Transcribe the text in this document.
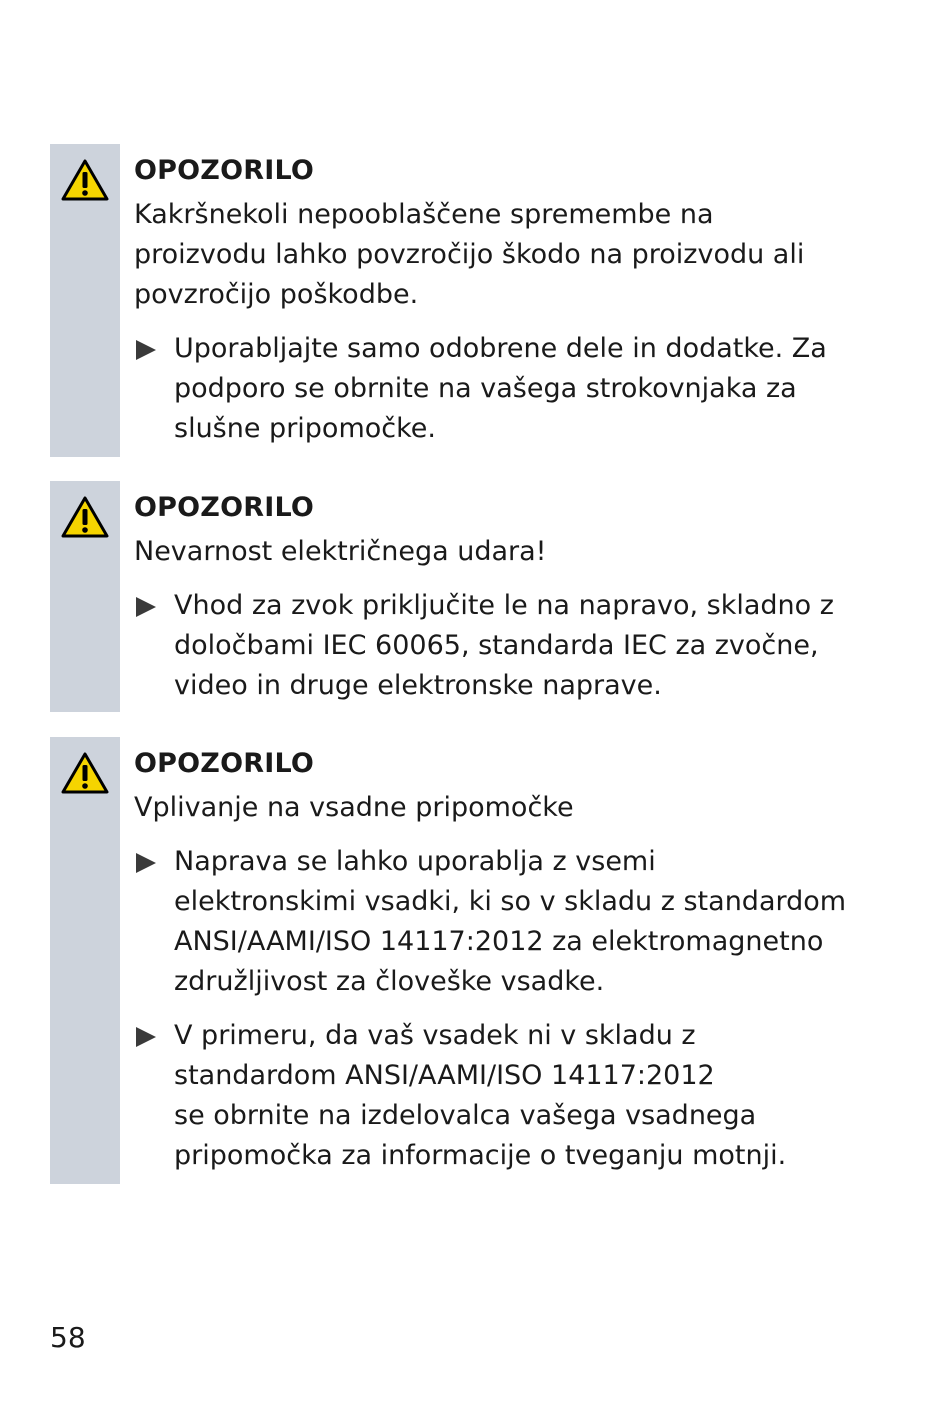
OPOZORILO

Kakršnekoli nepooblaščene spremembe na
proizvodu lahko povzročijo škodo na proizvodu ali
povzročijo poškodbe.

Uporabljajte samo odobrene dele in dodatke. Za
podporo se obrnite na vašega strokovnjaka za
slušne pripomočke.
OPOZORILO

Nevarnost električnega udara!

Vhod za zvok priključite le na napravo, skladno z
določbami IEC 60065, standarda IEC za zvočne,
video in druge elektronske naprave.
OPOZORILO

Vplivanje na vsadne pripomočke

Naprava se lahko uporablja z vsemi
elektronskimi vsadki, ki so v skladu z standardom
ANSI/AAMI/ISO 14117:2012 za elektromagnetno
združljivost za človeške vsadke.
V primeru, da vaš vsadek ni v skladu z
standardom ANSI/AAMI/ISO 14117:2012
se obrnite na izdelovalca vašega vsadnega
pripomočka za informacije o tveganju motnji.
58
